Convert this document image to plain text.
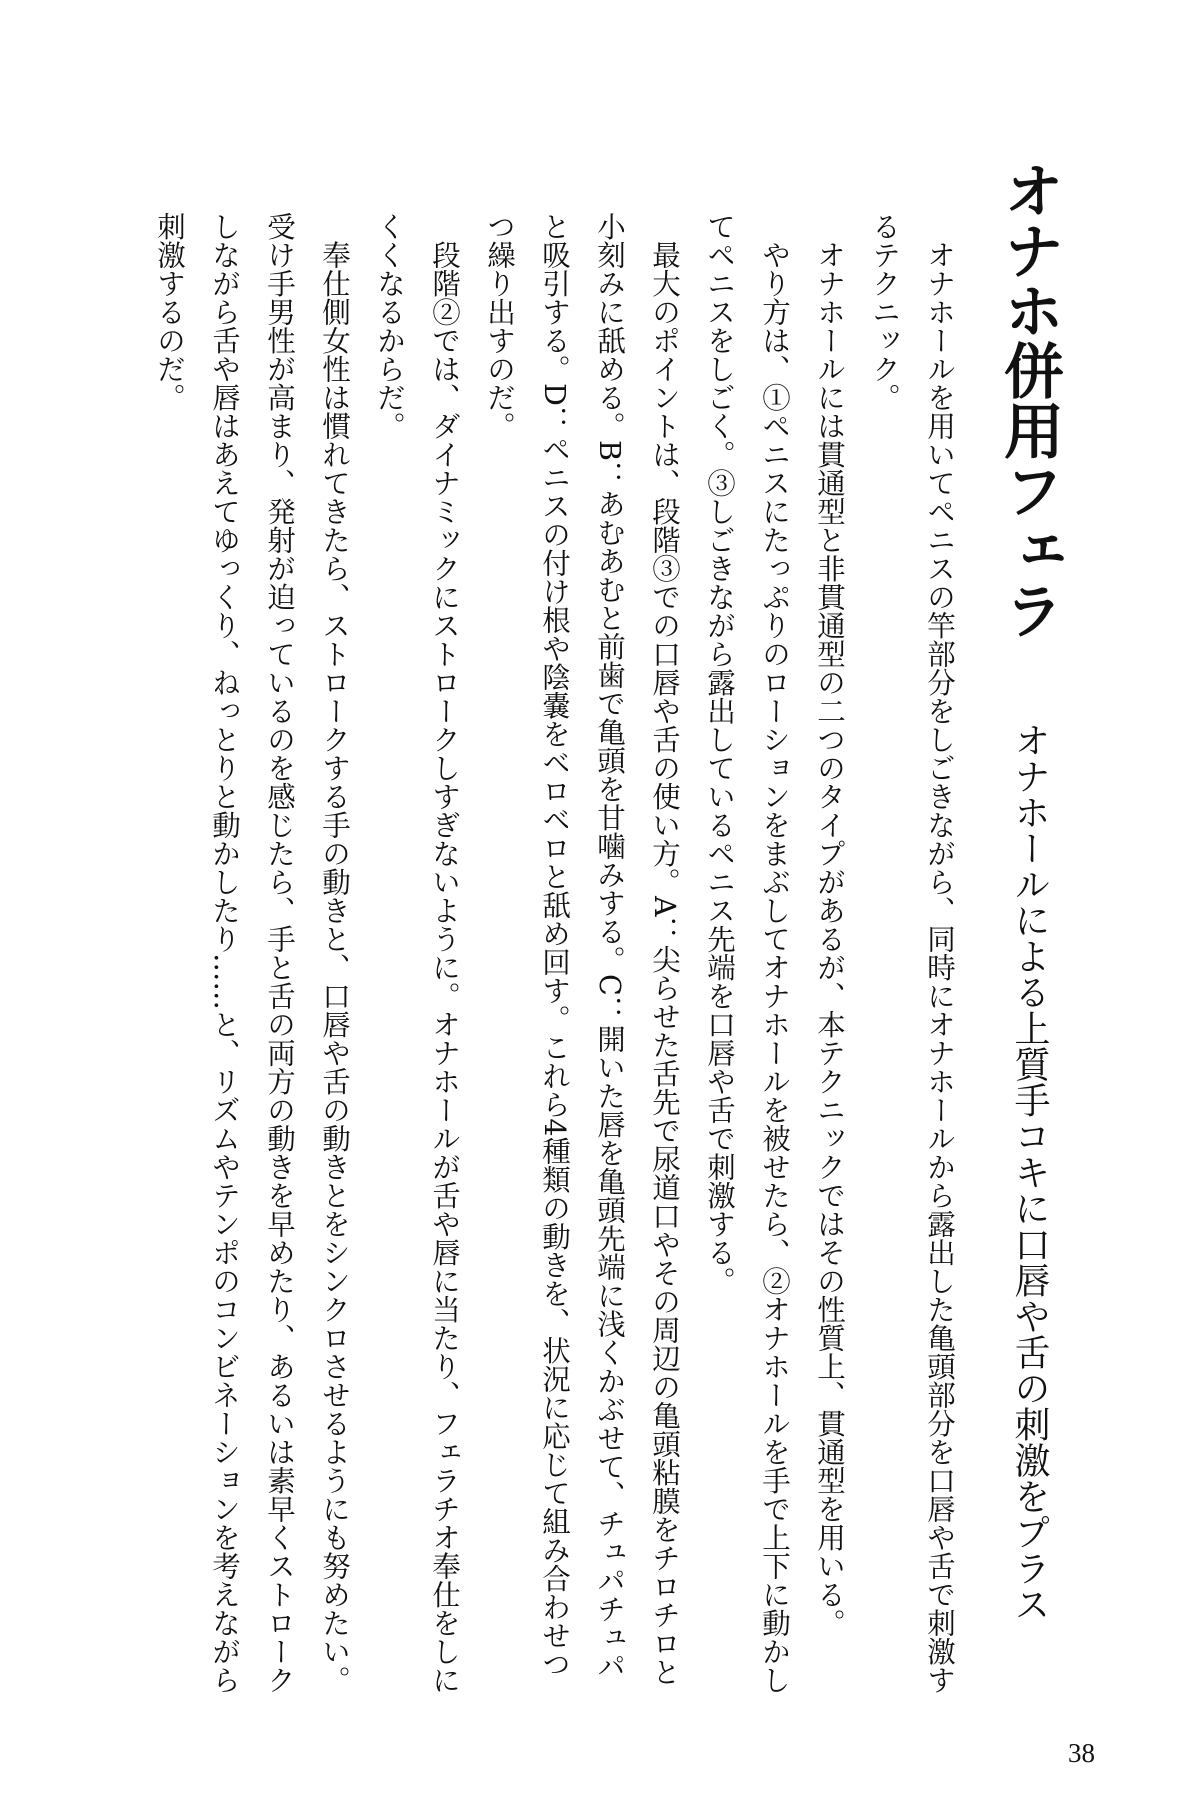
オナホ併用フェラ
オナホールによる上質手コキに口唇や舌の刺激をプラス
　オナホールを用いてペニスの竿部分をしごきながら、同時にオナホールから露出した亀頭部分を口唇や舌で刺激す
るテクニック。
　オナホールには貫通型と非貫通型の二つのタイプがあるが、本テクニックではその性質上、貫通型を用いる。
　やり方は、①ペニスにたっぷりのローションをまぶしてオナホールを被せたら、②オナホールを手で上下に動かし
てペニスをしごく。③しごきながら露出しているペニス先端を口唇や舌で刺激する。
　最大のポイントは、段階③での口唇や舌の使い方。A：尖らせた舌先で尿道口やその周辺の亀頭粘膜をチロチロと
小刻みに舐める。B：あむあむと前歯で亀頭を甘噛みする。C：開いた唇を亀頭先端に浅くかぶせて、チュパチュパ
と吸引する。D：ペニスの付け根や陰嚢をベロベロと舐め回す。これら4種類の動きを、状況に応じて組み合わせつ
つ繰り出すのだ。
　段階②では、ダイナミックにストロークしすぎないように。オナホールが舌や唇に当たり、フェラチオ奉仕をしに
くくなるからだ。
　奉仕側女性は慣れてきたら、ストロークする手の動きと、口唇や舌の動きとをシンクロさせるようにも努めたい。
受け手男性が高まり、発射が迫っているのを感じたら、手と舌の両方の動きを早めたり、あるいは素早くストローク
しながら舌や唇はあえてゆっくり、ねっとりと動かしたり……と、リズムやテンポのコンビネーションを考えながら
刺激するのだ。
38
